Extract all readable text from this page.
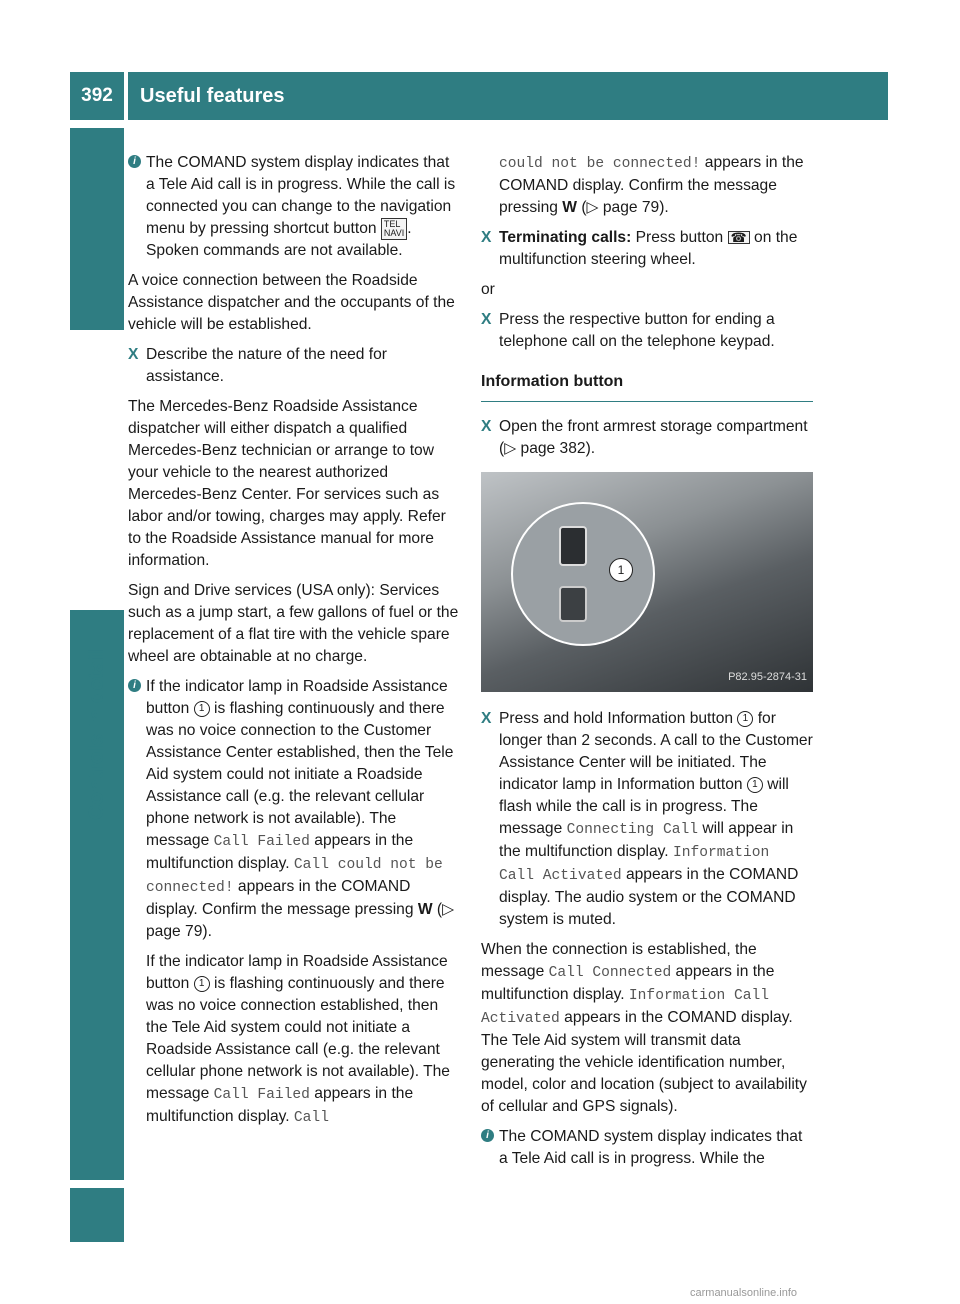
392	Useful features
Controls in detail
i The COMAND system display indicates that a Tele Aid call is in progress. While the call is connected you can change to the navigation menu by pressing shortcut button TEL
NAVI . Spoken commands are not available.

A voice connection between the Roadside Assistance dispatcher and the occupants of the vehicle will be established.

X Describe the nature of the need for assistance.

The Mercedes-Benz Roadside Assistance dispatcher will either dispatch a qualified Mercedes-Benz technician or arrange to tow your vehicle to the nearest authorized Mercedes-Benz Center. For services such as labor and/or towing, charges may apply. Refer to the Roadside Assistance manual for more information.

Sign and Drive services (USA only): Services such as a jump start, a few gallons of fuel or the replacement of a flat tire with the vehicle spare wheel are obtainable at no charge.

i If the indicator lamp in Roadside Assistance button 1 is flashing continuously and there was no voice connection to the Customer Assistance Center established, then the Tele Aid system could not initiate a Roadside Assistance call (e.g. the relevant cellular phone network is not available). The message Call Failed appears in the multifunction display. Call could not be connected! appears in the COMAND display. Confirm the message pressing W (▷ page 79).

If the indicator lamp in Roadside Assistance button 1 is flashing continuously and there was no voice connection established, then the Tele Aid system could not initiate a Roadside Assistance call (e.g. the relevant cellular phone network is not available). The message Call Failed appears in the multifunction display. Call

could not be connected! appears in the COMAND display. Confirm the message pressing W (▷ page 79).

X Terminating calls: Press button ☎ on the multifunction steering wheel.

or

X Press the respective button for ending a telephone call on the telephone keypad.
Information button
X Open the front armrest storage compartment (▷ page 382).
1
P82.95-2874-31
X Press and hold Information button 1 for longer than 2 seconds. A call to the Customer Assistance Center will be initiated. The indicator lamp in Information button 1 will flash while the call is in progress. The message Connecting Call will appear in the multifunction display. Information Call Activated appears in the COMAND display. The audio system or the COMAND system is muted.

When the connection is established, the message Call Connected appears in the multifunction display. Information Call Activated appears in the COMAND display. The Tele Aid system will transmit data generating the vehicle identification number, model, color and location (subject to availability of cellular and GPS signals).

i The COMAND system display indicates that a Tele Aid call is in progress. While the
carmanualsonline.info
